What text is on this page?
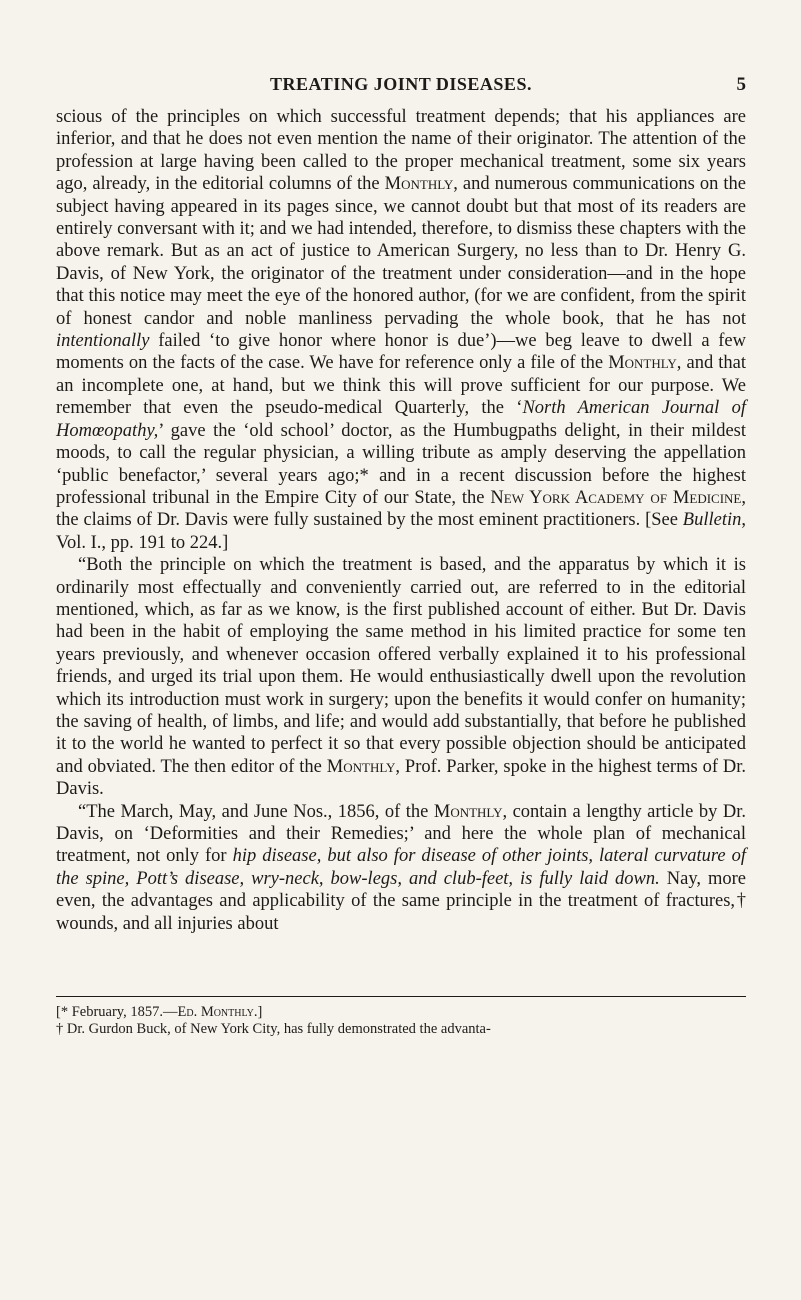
TREATING JOINT DISEASES.	5

scious of the principles on which successful treatment depends; that his appliances are inferior, and that he does not even mention the name of their originator. The attention of the profession at large having been called to the proper mechanical treatment, some six years ago, already, in the editorial columns of the Monthly, and numerous communications on the subject having appeared in its pages since, we cannot doubt but that most of its readers are entirely conversant with it; and we had intended, therefore, to dismiss these chapters with the above remark. But as an act of justice to American Surgery, no less than to Dr. Henry G. Davis, of New York, the originator of the treatment under consideration—and in the hope that this notice may meet the eye of the honored author, (for we are confident, from the spirit of honest candor and noble manliness pervading the whole book, that he has not intentionally failed ‘to give honor where honor is due’)—we beg leave to dwell a few moments on the facts of the case. We have for reference only a file of the Monthly, and that an incomplete one, at hand, but we think this will prove sufficient for our purpose. We remember that even the pseudo-medical Quarterly, the ‘North American Journal of Homœopathy,’ gave the ‘old school’ doctor, as the Humbugpaths delight, in their mildest moods, to call the regular physician, a willing tribute as amply deserving the appellation ‘public benefactor,’ several years ago;* and in a recent discussion before the highest professional tribunal in the Empire City of our State, the New York Academy of Medicine, the claims of Dr. Davis were fully sustained by the most eminent practitioners. [See Bulletin, Vol. I., pp. 191 to 224.]

“Both the principle on which the treatment is based, and the apparatus by which it is ordinarily most effectually and conveniently carried out, are referred to in the editorial mentioned, which, as far as we know, is the first published account of either. But Dr. Davis had been in the habit of employing the same method in his limited practice for some ten years previously, and whenever occasion offered verbally explained it to his professional friends, and urged its trial upon them. He would enthusiastically dwell upon the revolution which its introduction must work in surgery; upon the benefits it would confer on humanity; the saving of health, of limbs, and life; and would add substantially, that before he published it to the world he wanted to perfect it so that every possible objection should be anticipated and obviated. The then editor of the Monthly, Prof. Parker, spoke in the highest terms of Dr. Davis.

“The March, May, and June Nos., 1856, of the Monthly, contain a lengthy article by Dr. Davis, on ‘Deformities and their Remedies;’ and here the whole plan of mechanical treatment, not only for hip disease, but also for disease of other joints, lateral curvature of the spine, Pott’s disease, wry-neck, bow-legs, and club-feet, is fully laid down. Nay, more even, the advantages and applicability of the same principle in the treatment of fractures,† wounds, and all injuries about

[* February, 1857.—Ed. Monthly.]

† Dr. Gurdon Buck, of New York City, has fully demonstrated the advanta-
